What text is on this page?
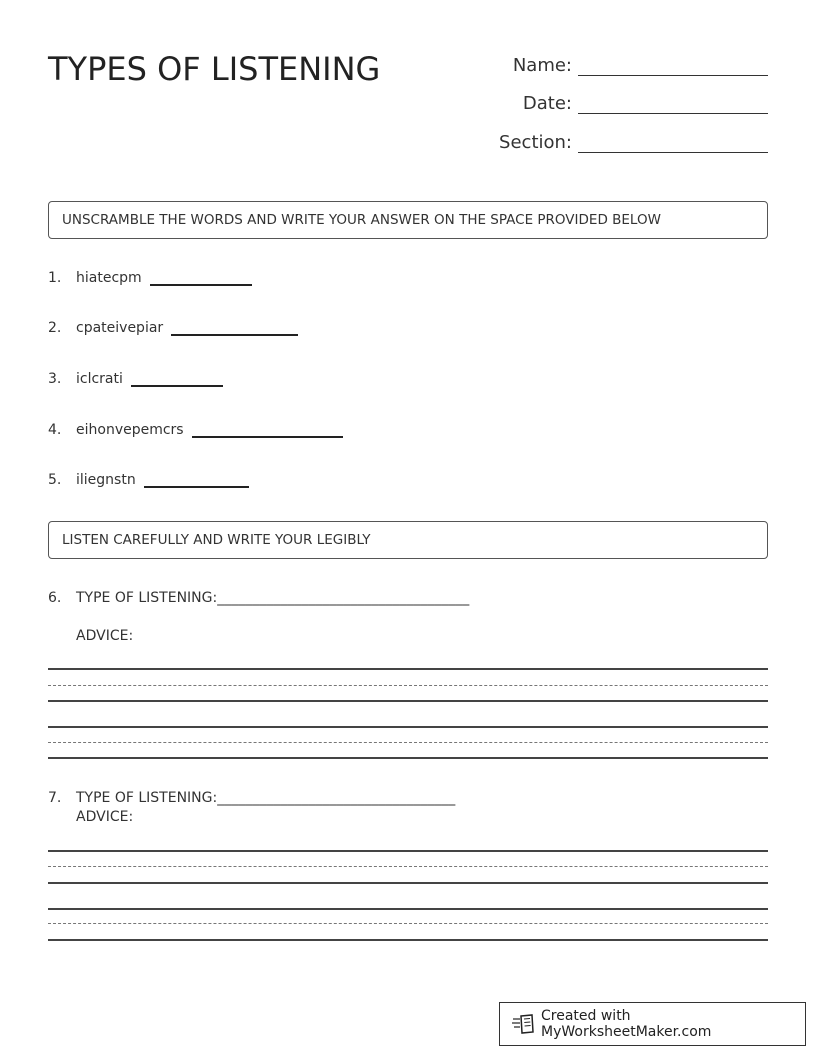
TYPES OF LISTENING	Name:
Date:
Section:
UNSCRAMBLE THE WORDS AND WRITE YOUR ANSWER ON THE SPACE PROVIDED BELOW
1.	hiatecpm
2.	cpateivepiar
3.	iclcrati
4.	eihonvepemcrs
5.	iliegnstn
LISTEN CAREFULLY AND WRITE YOUR LEGIBLY
6.	TYPE OF LISTENING:____________________________________
ADVICE:
7.	TYPE OF LISTENING:__________________________________
ADVICE:
Created with MyWorksheetMaker.com
